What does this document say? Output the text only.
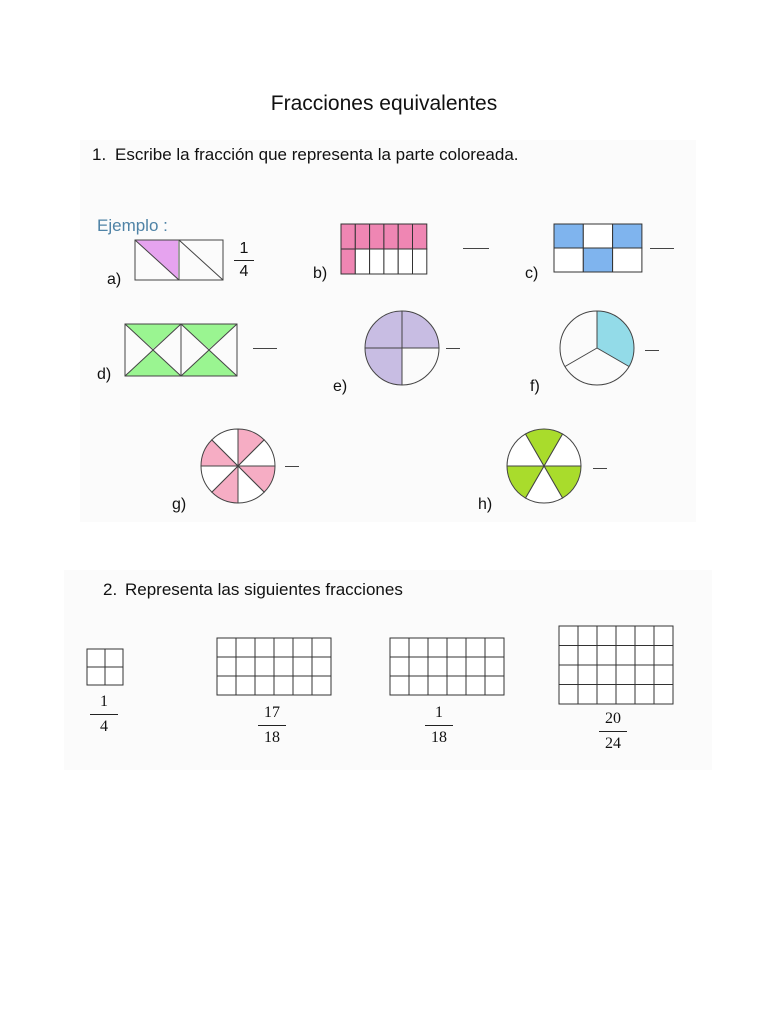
Fracciones equivalentes
1. Escribe la fracción que representa la parte coloreada.
Ejemplo :
1
4
a)	b)	c)
d)
e)	f)
g)	h)
2. Representa las siguientes fracciones
1
4
17
18
1
18
20
24
